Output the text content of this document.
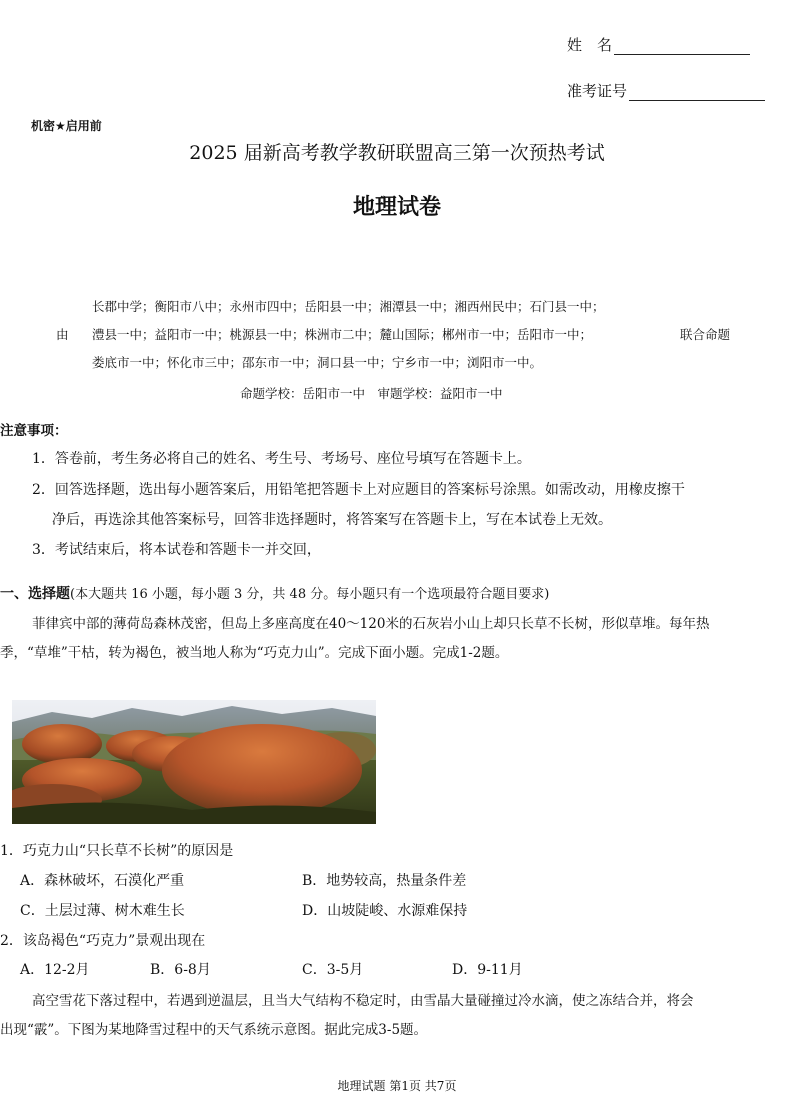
姓　名
准考证号
机密★启用前
2025 届新高考教学教研联盟高三第一次预热考试
地理试卷
长郡中学；衡阳市八中；永州市四中；岳阳县一中；湘潭县一中；湘西州民中；石门县一中；
由 澧县一中；益阳市一中；桃源县一中；株洲市二中；麓山国际；郴州市一中；岳阳市一中；	联合命题
娄底市一中；怀化市三中；邵东市一中；洞口县一中；宁乡市一中；浏阳市一中。
命题学校：岳阳市一中　审题学校：益阳市一中
注意事项：
1．答卷前，考生务必将自己的姓名、考生号、考场号、座位号填写在答题卡上。
2．回答选择题，选出每小题答案后，用铅笔把答题卡上对应题目的答案标号涂黑。如需改动，用橡皮擦干
净后，再选涂其他答案标号，回答非选择题时，将答案写在答题卡上，写在本试卷上无效。
3．考试结束后，将本试卷和答题卡一并交回，
一、选择题(本大题共 16 小题，每小题 3 分，共 48 分。每小题只有一个选项最符合题目要求)
菲律宾中部的薄荷岛森林茂密，但岛上多座高度在40～120米的石灰岩小山上却只长草不长树，形似草堆。每年热
季，“草堆”干枯，转为褐色，被当地人称为“巧克力山”。完成下面小题。完成1-2题。
1．巧克力山“只长草不长树”的原因是
A．森林破坏，石漠化严重	B．地势较高，热量条件差
C．土层过薄、树木难生长	D．山坡陡峻、水源难保持
2．该岛褐色“巧克力”景观出现在
A．12-2月	B．6-8月	C．3-5月	D．9-11月
高空雪花下落过程中，若遇到逆温层，且当大气结构不稳定时，由雪晶大量碰撞过冷水滴，使之冻结合并，将会
出现“霰”。下图为某地降雪过程中的天气系统示意图。据此完成3-5题。
地理试题 第1页 共7页
